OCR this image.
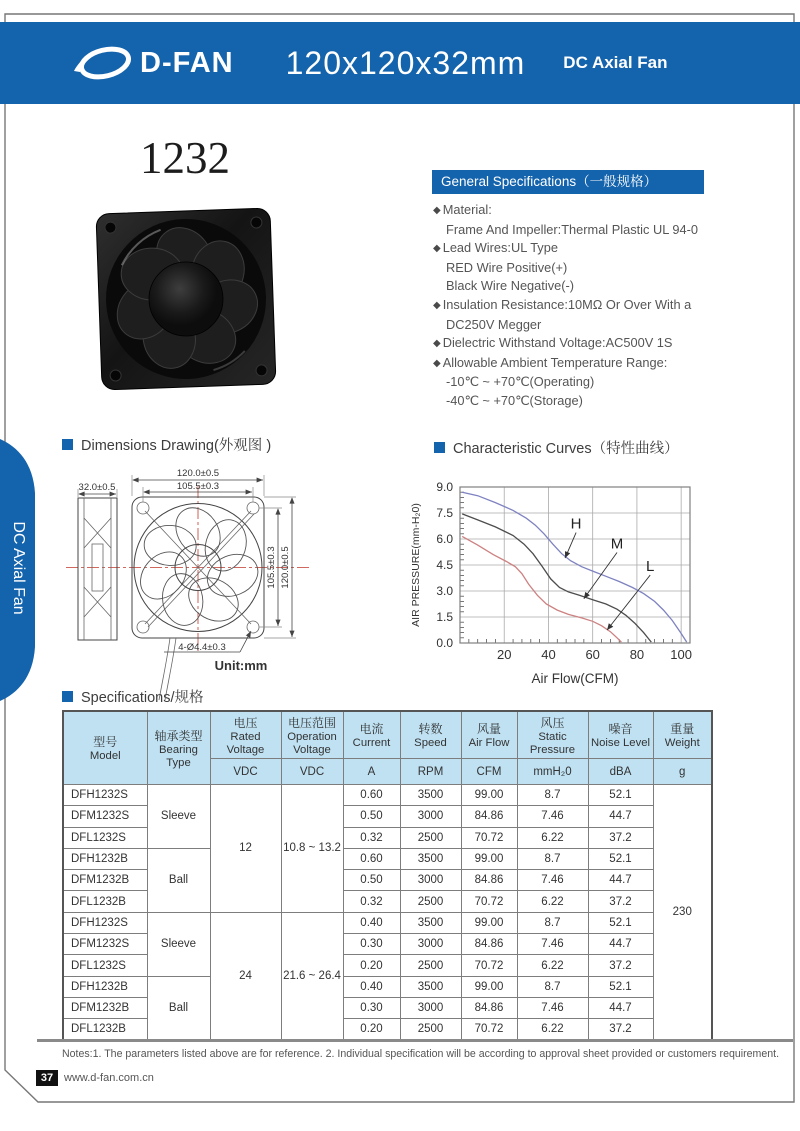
D-FAN 120x120x32mm DC Axial Fan
DC Axial Fan
1232	General Specifications（一般规格）
◆ Material:
Frame And Impeller:Thermal Plastic UL 94-0
◆ Lead Wires:UL Type
RED Wire Positive(+)
Black Wire Negative(-)
◆ Insulation Resistance:10MΩ Or Over With a
DC250V Megger
◆ Dielectric Withstand Voltage:AC500V 1S
◆ Allowable Ambient Temperature Range:
-10℃ ~ +70℃(Operating)
-40℃ ~ +70℃(Storage)
Dimensions Drawing(外观图 )	Characteristic Curves（特性曲线）
Specifications/规格
32.0±0.5
120.0±0.5
105.5±0.3
105.5±0.3 120.0±0.5
4-Ø4.4±0.3
Unit:mm
0.0
1.5
3.0
4.5
6.0
7.5
9.0
20 40 60 80 100
H
M
L
Air Flow(CFM)
AIR PRESSURE(mm-H₂0)
型号
Model

轴承类型
Bearing Type

电压
Rated Voltage

电压范围
Operation Voltage

电流
Current

转数
Speed

风量
Air Flow

风压
Static Pressure

噪音
Noise Level

重量
Weight

		VDC	VDC	A	RPM	CFM	mmH₂0	dBA	g
DFH1232S	Sleeve	12	10.8 ~ 13.2	0.60	3500	99.00	8.7	52.1	230
DFM1232S				0.50	3000	84.86	7.46	44.7	
DFL1232S				0.32	2500	70.72	6.22	37.2	
DFH1232B	Ball			0.60	3500	99.00	8.7	52.1	
DFM1232B				0.50	3000	84.86	7.46	44.7	
DFL1232B				0.32	2500	70.72	6.22	37.2	
DFH1232S	Sleeve	24	21.6 ~ 26.4	0.40	3500	99.00	8.7	52.1	
DFM1232S				0.30	3000	84.86	7.46	44.7	
DFL1232S				0.20	2500	70.72	6.22	37.2	
DFH1232B	Ball			0.40	3500	99.00	8.7	52.1	
DFM1232B				0.30	3000	84.86	7.46	44.7	
DFL1232B				0.20	2500	70.72	6.22	37.2	
Notes:1. The parameters listed above are for reference. 2. Individual specification will be according to approval sheet provided or customers requirement.
37 www.d-fan.com.cn
